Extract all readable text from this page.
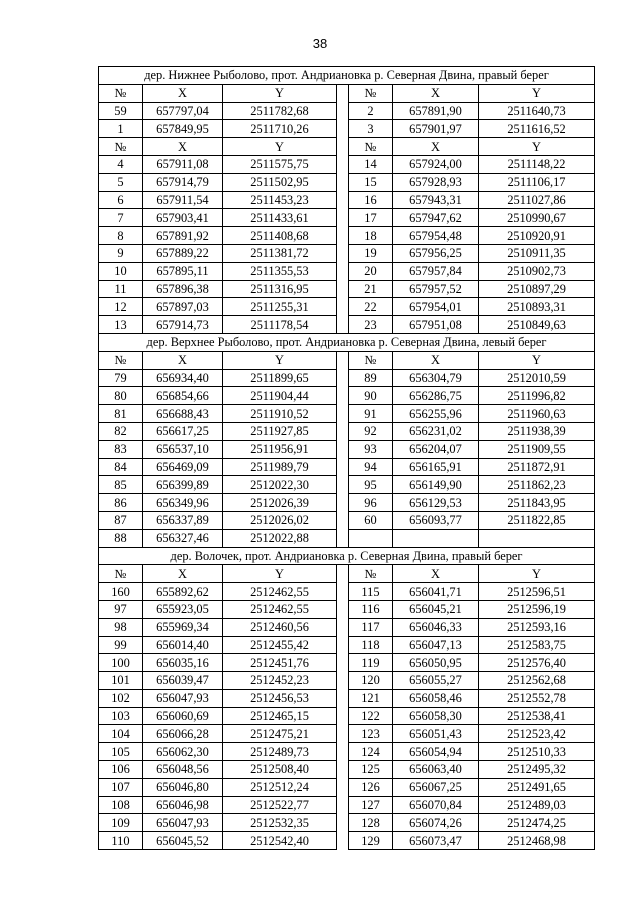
38
дер. Нижнее Рыболово, прот. Андриановка р. Северная Двина, правый берег						
№	X	Y		№	X	Y
59	657797,04	2511782,68		2	657891,90	2511640,73
1	657849,95	2511710,26		3	657901,97	2511616,52
№	X	Y		№	X	Y
4	657911,08	2511575,75		14	657924,00	2511148,22
5	657914,79	2511502,95		15	657928,93	2511106,17
6	657911,54	2511453,23		16	657943,31	2511027,86
7	657903,41	2511433,61		17	657947,62	2510990,67
8	657891,92	2511408,68		18	657954,48	2510920,91
9	657889,22	2511381,72		19	657956,25	2510911,35
10	657895,11	2511355,53		20	657957,84	2510902,73
11	657896,38	2511316,95		21	657957,52	2510897,29
12	657897,03	2511255,31		22	657954,01	2510893,31
13	657914,73	2511178,54		23	657951,08	2510849,63
дер. Верхнее Рыболово, прот. Андриановка р. Северная Двина, левый берег						
№	X	Y		№	X	Y
79	656934,40	2511899,65		89	656304,79	2512010,59
80	656854,66	2511904,44		90	656286,75	2511996,82
81	656688,43	2511910,52		91	656255,96	2511960,63
82	656617,25	2511927,85		92	656231,02	2511938,39
83	656537,10	2511956,91		93	656204,07	2511909,55
84	656469,09	2511989,79		94	656165,91	2511872,91
85	656399,89	2512022,30		95	656149,90	2511862,23
86	656349,96	2512026,39		96	656129,53	2511843,95
87	656337,89	2512026,02		60	656093,77	2511822,85
88	656327,46	2512022,88				
дер. Волочек, прот. Андриановка р. Северная Двина, правый берег						
№	X	Y		№	X	Y
160	655892,62	2512462,55		115	656041,71	2512596,51
97	655923,05	2512462,55		116	656045,21	2512596,19
98	655969,34	2512460,56		117	656046,33	2512593,16
99	656014,40	2512455,42		118	656047,13	2512583,75
100	656035,16	2512451,76		119	656050,95	2512576,40
101	656039,47	2512452,23		120	656055,27	2512562,68
102	656047,93	2512456,53		121	656058,46	2512552,78
103	656060,69	2512465,15		122	656058,30	2512538,41
104	656066,28	2512475,21		123	656051,43	2512523,42
105	656062,30	2512489,73		124	656054,94	2512510,33
106	656048,56	2512508,40		125	656063,40	2512495,32
107	656046,80	2512512,24		126	656067,25	2512491,65
108	656046,98	2512522,77		127	656070,84	2512489,03
109	656047,93	2512532,35		128	656074,26	2512474,25
110	656045,52	2512542,40		129	656073,47	2512468,98
